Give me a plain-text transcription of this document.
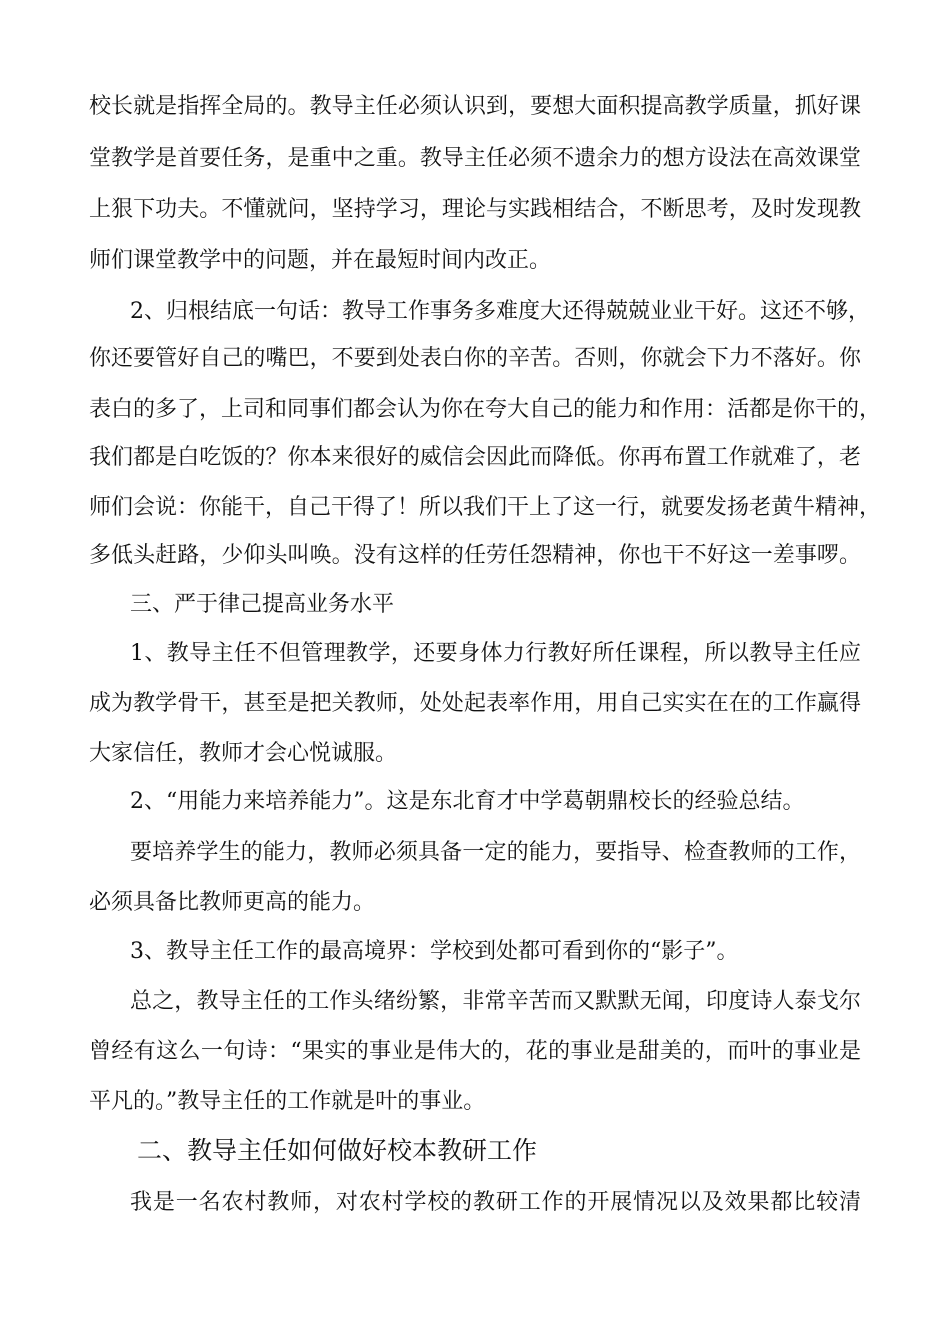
校长就是指挥全局的。教导主任必须认识到，要想大面积提高教学质量，抓好课
堂教学是首要任务，是重中之重。教导主任必须不遗余力的想方设法在高效课堂
上狠下功夫。不懂就问，坚持学习，理论与实践相结合，不断思考，及时发现教
师们课堂教学中的问题，并在最短时间内改正。
2、归根结底一句话：教导工作事务多难度大还得兢兢业业干好。这还不够，
你还要管好自己的嘴巴，不要到处表白你的辛苦。否则，你就会下力不落好。你
表白的多了，上司和同事们都会认为你在夸大自己的能力和作用：活都是你干的，
我们都是白吃饭的？你本来很好的威信会因此而降低。你再布置工作就难了，老
师们会说：你能干，自己干得了！所以我们干上了这一行，就要发扬老黄牛精神，
多低头赶路，少仰头叫唤。没有这样的任劳任怨精神，你也干不好这一差事啰。
三、严于律己提高业务水平
1、教导主任不但管理教学，还要身体力行教好所任课程，所以教导主任应
成为教学骨干，甚至是把关教师，处处起表率作用，用自己实实在在的工作赢得
大家信任，教师才会心悦诚服。
2、“用能力来培养能力”。这是东北育才中学葛朝鼎校长的经验总结。
要培养学生的能力，教师必须具备一定的能力，要指导、检查教师的工作，
必须具备比教师更高的能力。
3、教导主任工作的最高境界：学校到处都可看到你的“影子”。
总之，教导主任的工作头绪纷繁，非常辛苦而又默默无闻，印度诗人泰戈尔
曾经有这么一句诗：“果实的事业是伟大的，花的事业是甜美的，而叶的事业是
平凡的。”教导主任的工作就是叶的事业。
二、教导主任如何做好校本教研工作
我是一名农村教师，对农村学校的教研工作的开展情况以及效果都比较清
